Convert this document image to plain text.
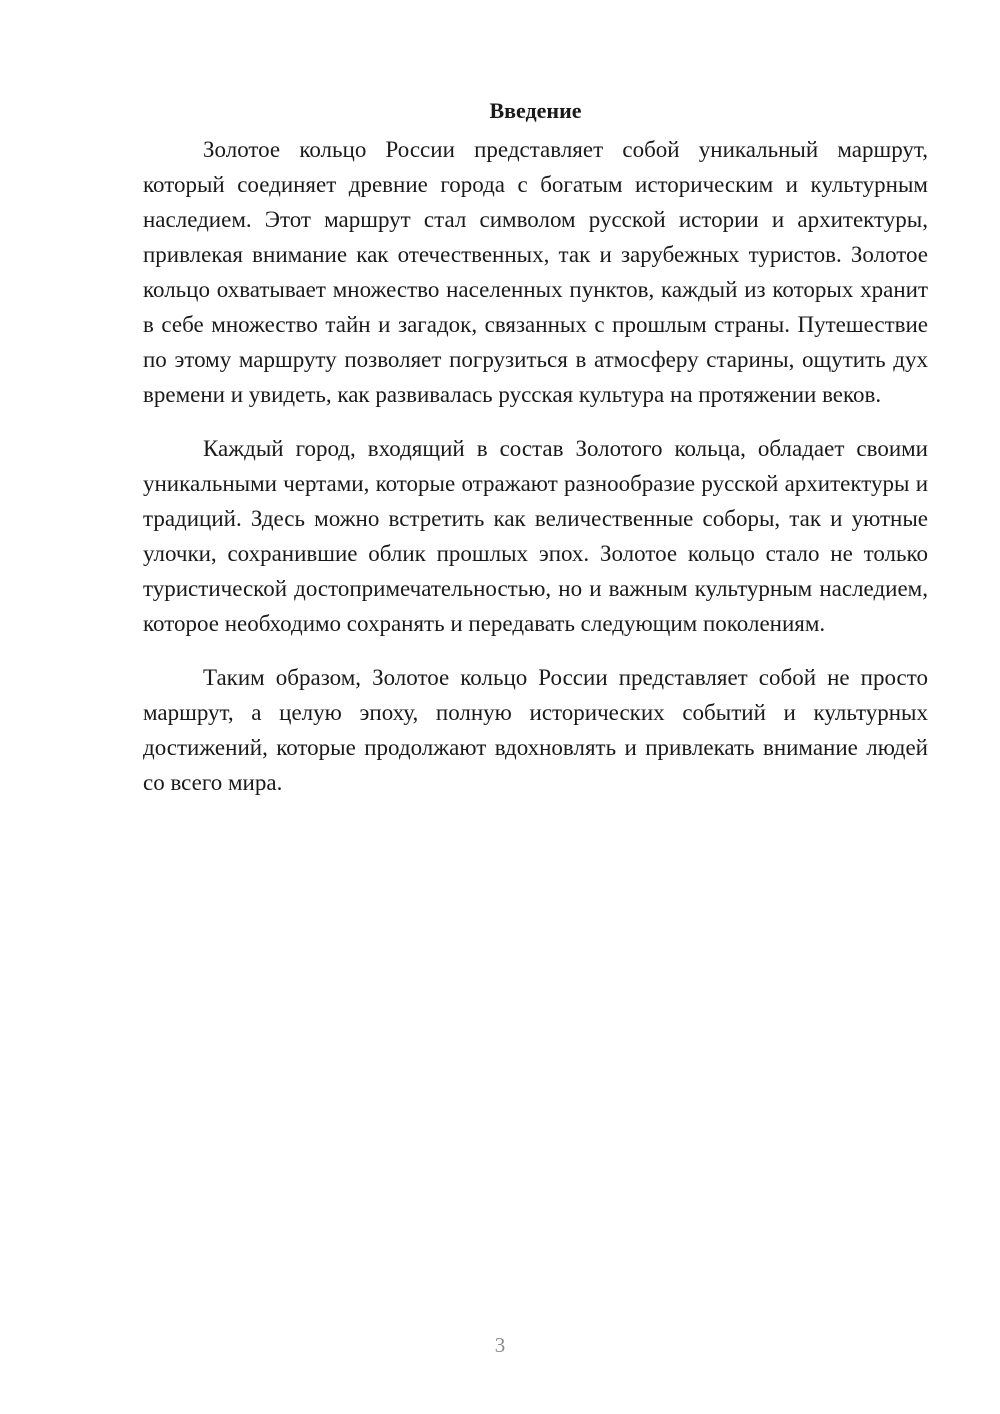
Введение

Золотое кольцо России представляет собой уникальный маршрут, который соединяет древние города с богатым историческим и культурным наследием. Этот маршрут стал символом русской истории и архитектуры, привлекая внимание как отечественных, так и зарубежных туристов. Золотое кольцо охватывает множество населенных пунктов, каждый из которых хранит в себе множество тайн и загадок, связанных с прошлым страны. Путешествие по этому маршруту позволяет погрузиться в атмосферу старины, ощутить дух времени и увидеть, как развивалась русская культура на протяжении веков.

Каждый город, входящий в состав Золотого кольца, обладает своими уникальными чертами, которые отражают разнообразие русской архитектуры и традиций. Здесь можно встретить как величественные соборы, так и уютные улочки, сохранившие облик прошлых эпох. Золотое кольцо стало не только туристической достопримечательностью, но и важным культурным наследием, которое необходимо сохранять и передавать следующим поколениям.

Таким образом, Золотое кольцо России представляет собой не просто маршрут, а целую эпоху, полную исторических событий и культурных достижений, которые продолжают вдохновлять и привлекать внимание людей со всего мира.

3
